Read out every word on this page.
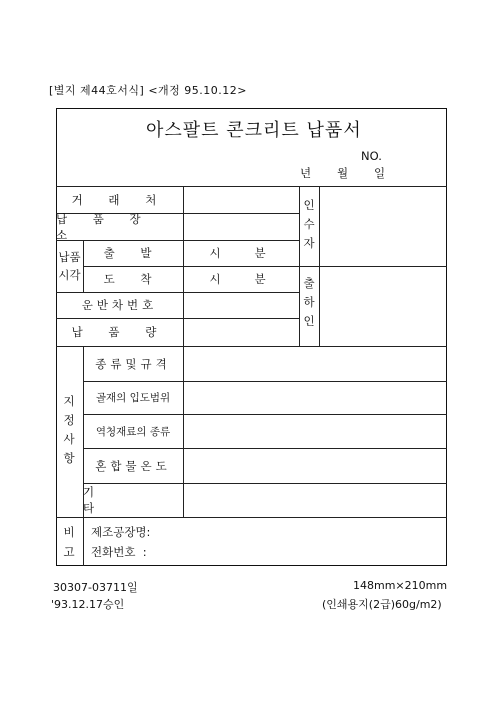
[별지 제44호서식] <개정 95.10.12>
아스팔트 콘크리트 납품서
NO.
년 월 일
거 래 처
납 품 장 소
납품시각
출 발
도 착
시	분
시	분
운반차번호
납 품 량
인수자
출하인
지정사항
종류및규격
골재의 입도범위
역청재료의 종류
혼합물온도
기 타
비고
제조공장명:
전화번호  :
30307-03711일
'93.12.17승인
148mm×210mm
(인쇄용지(2급)60g/m2)
